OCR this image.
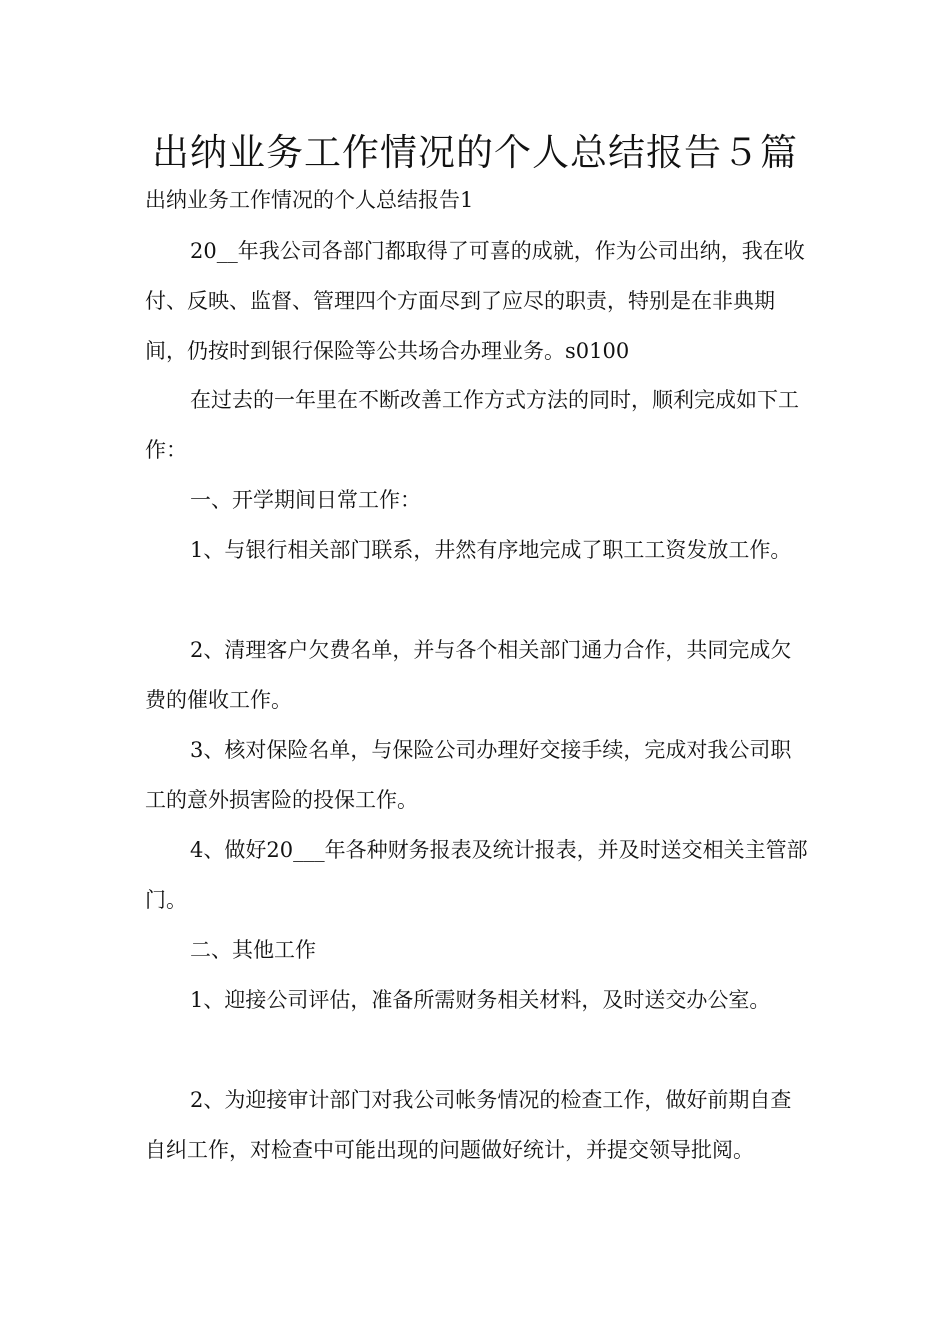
出纳业务工作情况的个人总结报告５篇
出纳业务工作情况的个人总结报告1

20__年我公司各部门都取得了可喜的成就，作为公司出纳，我在收付、反映、监督、管理四个方面尽到了应尽的职责，特别是在非典期间，仍按时到银行保险等公共场合办理业务。s0100

在过去的一年里在不断改善工作方式方法的同时，顺利完成如下工作：

一、开学期间日常工作：

1、与银行相关部门联系，井然有序地完成了职工工资发放工作。

2、清理客户欠费名单，并与各个相关部门通力合作，共同完成欠费的催收工作。

3、核对保险名单，与保险公司办理好交接手续，完成对我公司职工的意外损害险的投保工作。

4、做好20___年各种财务报表及统计报表，并及时送交相关主管部门。

二、其他工作

1、迎接公司评估，准备所需财务相关材料，及时送交办公室。

2、为迎接审计部门对我公司帐务情况的检查工作，做好前期自查自纠工作，对检查中可能出现的问题做好统计，并提交领导批阅。
